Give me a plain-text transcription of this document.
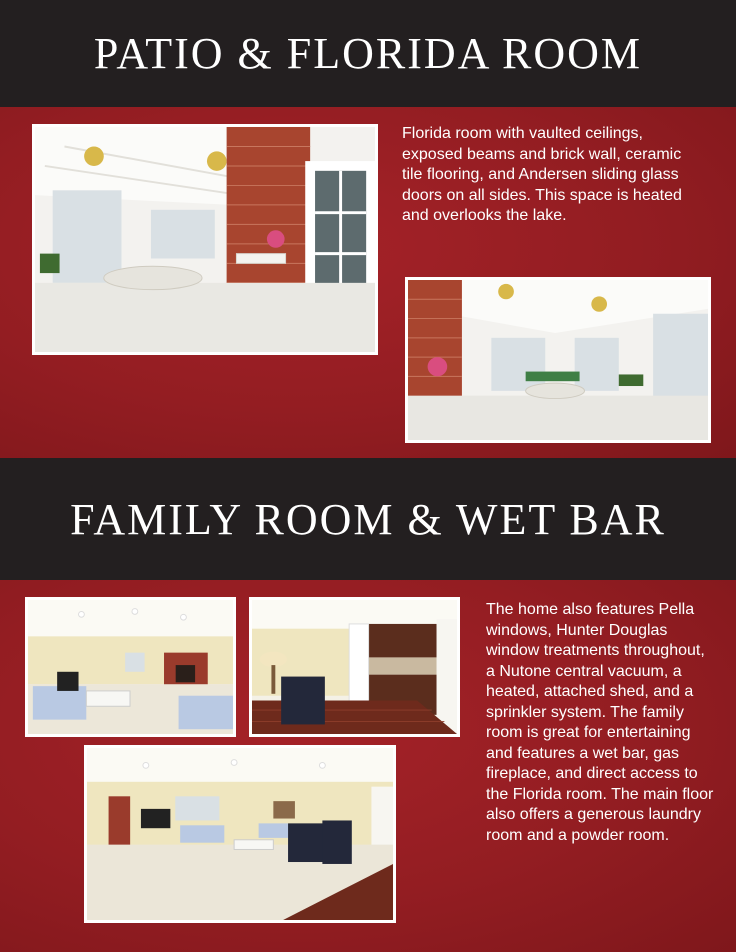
PATIO & FLORIDA ROOM

Florida room with vaulted ceilings, exposed beams and brick wall, ceramic tile flooring, and Andersen sliding glass doors on all sides. This space is heated and overlooks the lake.

FAMILY ROOM & WET BAR

The home also features Pella windows, Hunter Douglas window treatments throughout, a Nutone central vacuum, a heated, attached shed, and a sprinkler system. The family room is great for entertaining and features a wet bar, gas fireplace, and direct access to the Florida room. The main floor also offers a generous laundry room and a powder room.
